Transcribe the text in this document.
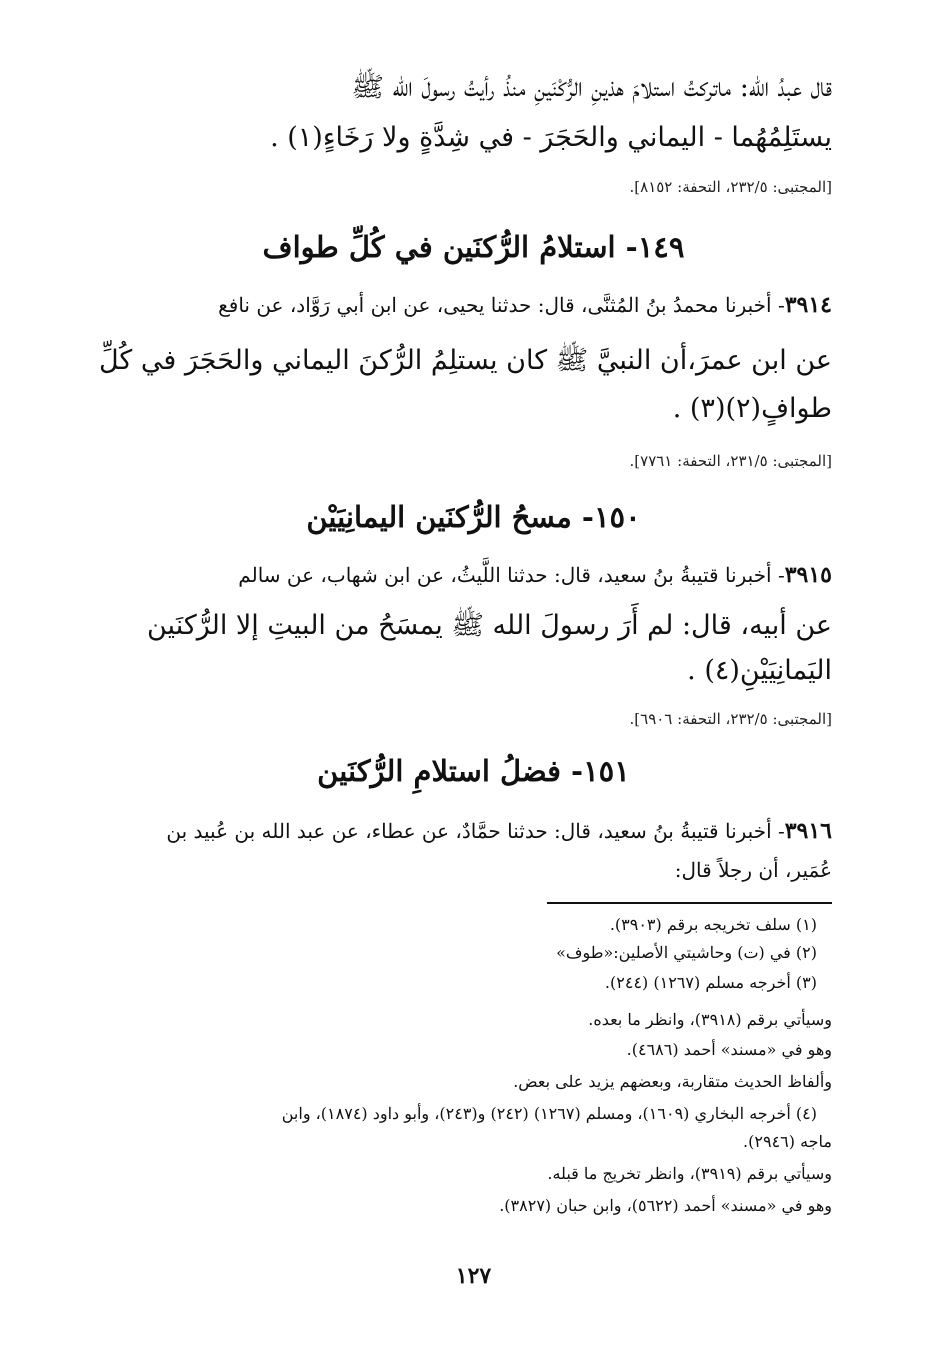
قال عبدُ الله: ماتركتُ استلامَ هذينِ الرُّكْنَينِ منذُ رأيتُ رسولَ الله ﷺ
يستَلِمُهُما - اليماني والحَجَرَ - في شِدَّةٍ ولا رَخَاءٍ(١) .
[المجتبى: ٢٣٢/٥، التحفة: ٨١٥٢].
١٤٩- استلامُ الرُّكنَين في كُلِّ طواف
٣٩١٤- أخبرنا محمدُ بنُ المُثنَّى، قال: حدثنا يحيى، عن ابن أبي رَوَّاد، عن نافع
عن ابن عمرَ،أن النبيَّ ﷺ كان يستلِمُ الرُّكنَ اليماني والحَجَرَ في كُلِّ
طوافٍ(٢)(٣) .
[المجتبى: ٢٣١/٥، التحفة: ٧٧٦١].
١٥٠- مسحُ الرُّكنَين اليمانِيَيْن
٣٩١٥- أخبرنا قتيبةُ بنُ سعيد، قال: حدثنا اللَّيثُ، عن ابن شهاب، عن سالم
عن أبيه، قال: لم أَرَ رسولَ الله ﷺ يمسَحُ من البيتِ إلا الرُّكنَين
اليَمانِيَيْنِ(٤) .
[المجتبى: ٢٣٢/٥، التحفة: ٦٩٠٦].
١٥١- فضلُ استلامِ الرُّكنَين
٣٩١٦- أخبرنا قتيبةُ بنُ سعيد، قال: حدثنا حمَّادٌ، عن عطاء، عن عبد الله بن عُبيد بن
عُمَير، أن رجلاً قال:
(١) سلف تخريجه برقم (٣٩٠٣).
(٢) في (ت) وحاشيتي الأصلين:«طوف»
(٣) أخرجه مسلم (١٢٦٧) (٢٤٤).
وسيأتي برقم (٣٩١٨)، وانظر ما بعده.
وهو في «مسند» أحمد (٤٦٨٦).
وألفاظ الحديث متقاربة، وبعضهم يزيد على بعض.
(٤) أخرجه البخاري (١٦٠٩)، ومسلم (١٢٦٧) (٢٤٢) و(٢٤٣)، وأبو داود (١٨٧٤)، وابن
ماجه (٢٩٤٦).
وسيأتي برقم (٣٩١٩)، وانظر تخريج ما قبله.
وهو في «مسند» أحمد (٥٦٢٢)، وابن حبان (٣٨٢٧).
١٢٧
